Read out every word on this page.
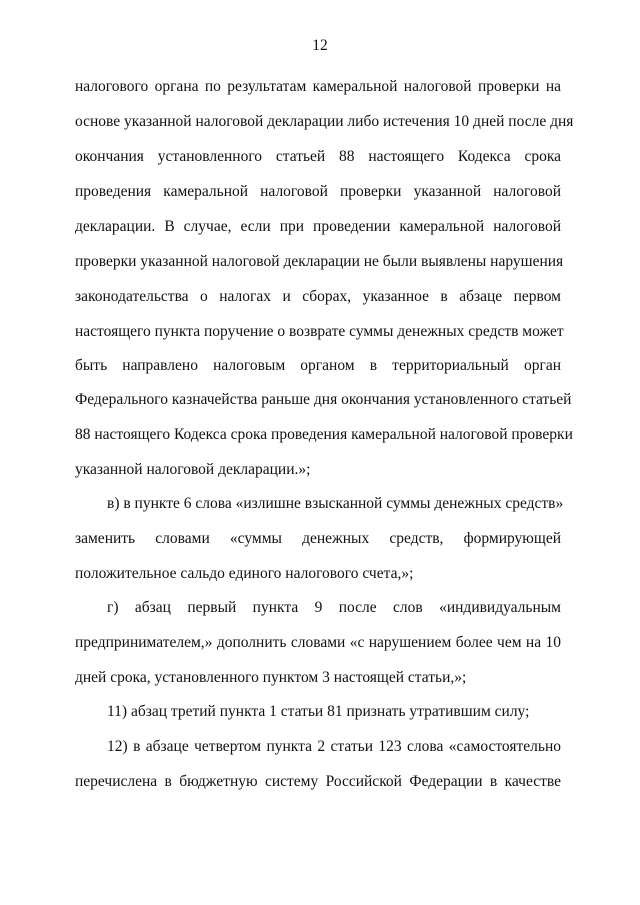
12
налогового органа по результатам камеральной налоговой проверки на
основе указанной налоговой декларации либо истечения 10 дней после дня
окончания установленного статьей 88 настоящего Кодекса срока
проведения камеральной налоговой проверки указанной налоговой
декларации. В случае, если при проведении камеральной налоговой
проверки указанной налоговой декларации не были выявлены нарушения
законодательства о налогах и сборах, указанное в абзаце первом
настоящего пункта поручение о возврате суммы денежных средств может
быть направлено налоговым органом в территориальный орган
Федерального казначейства раньше дня окончания установленного статьей
88 настоящего Кодекса срока проведения камеральной налоговой проверки
указанной налоговой декларации.»;
в) в пункте 6 слова «излишне взысканной суммы денежных средств»
заменить словами «суммы денежных средств, формирующей
положительное сальдо единого налогового счета,»;
г) абзац первый пункта 9 после слов «индивидуальным
предпринимателем,» дополнить словами «с нарушением более чем на 10
дней срока, установленного пунктом 3 настоящей статьи,»;
11) абзац третий пункта 1 статьи 81 признать утратившим силу;
12) в абзаце четвертом пункта 2 статьи 123 слова «самостоятельно
перечислена в бюджетную систему Российской Федерации в качестве
